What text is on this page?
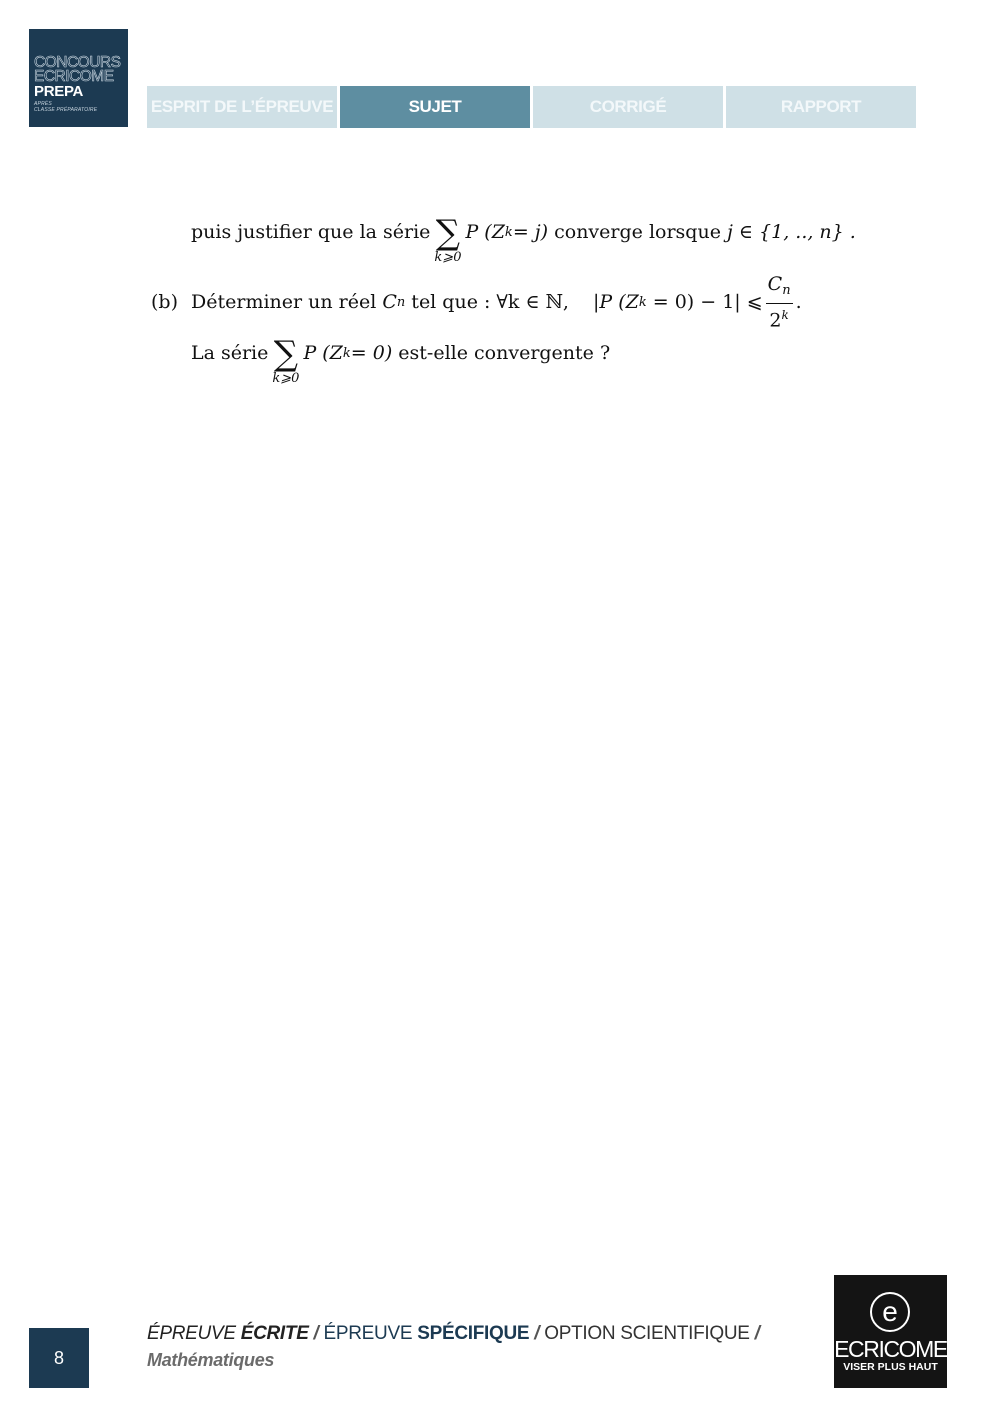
CONCOURS
ECRICOME
PREPA
APRÈS
CLASSE PRÉPARATOIRE	ESPRIT DE L’ÉPREUVE	SUJET	CORRIGÉ	RAPPORT
puis justifier que la série ∑
k⩾0
P (Z k = j) converge lorsque j ∈ {1, .., n} .
(b) Déterminer un réel C n tel que : ∀k ∈ ℕ, |P (Z k = 0) − 1| ⩽ $\frac{C_n}{2^k}$ .
La série ∑
k⩾0
P (Z k = 0) est-elle convergente ?
8
ÉPREUVE ÉCRITE / ÉPREUVE SPÉCIFIQUE / OPTION SCIENTIFIQUE /
Mathématiques
e
ECRICOME
VISER PLUS HAUT
